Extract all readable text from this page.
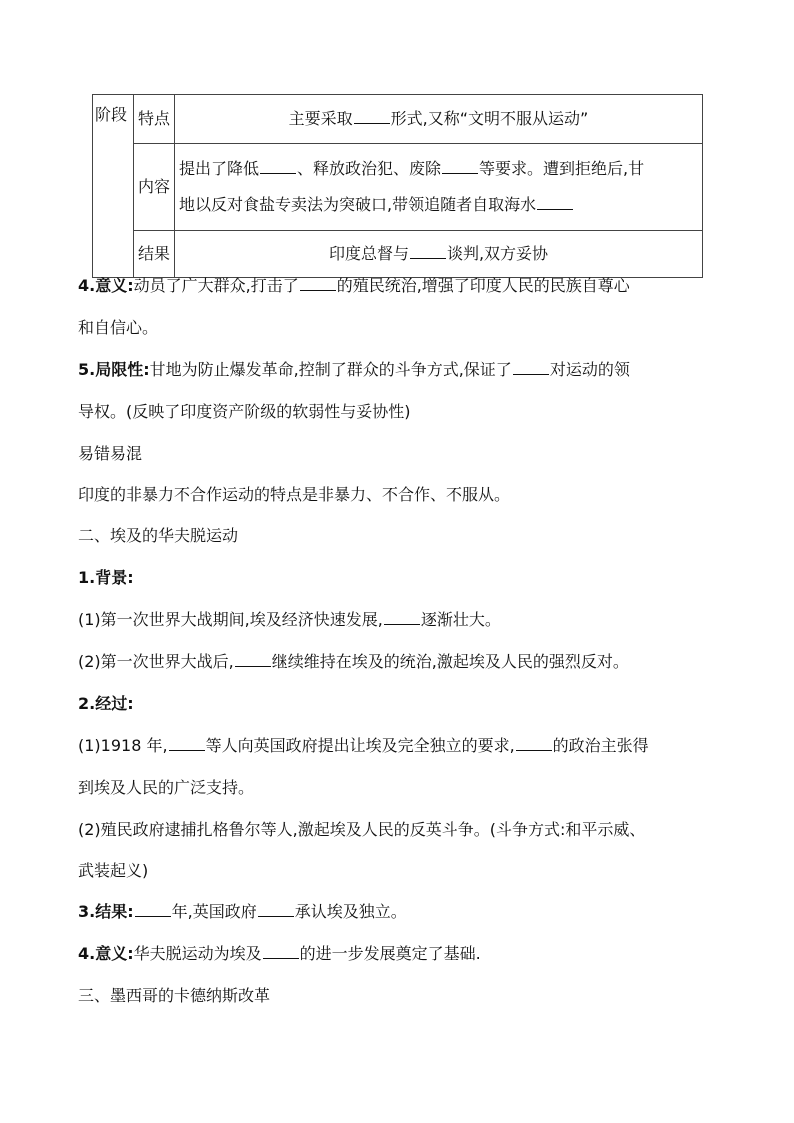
阶段	特点	主要采取 形式,又称“文明不服从运动”
	内容	提出了降低 、释放政治犯、废除 等要求。遭到拒绝后,甘
地以反对食盐专卖法为突破口,带领追随者自取海水

	结果	印度总督与 谈判,双方妥协

4.意义:动员了广大群众,打击了 的殖民统治,增强了印度人民的民族自尊心

和自信心。

5.局限性:甘地为防止爆发革命,控制了群众的斗争方式,保证了 对运动的领

导权。(反映了印度资产阶级的软弱性与妥协性)

易错易混

印度的非暴力不合作运动的特点是非暴力、不合作、不服从。

二、埃及的华夫脱运动

1.背景:

(1)第一次世界大战期间,埃及经济快速发展, 逐渐壮大。

(2)第一次世界大战后, 继续维持在埃及的统治,激起埃及人民的强烈反对。

2.经过:

(1)1918 年, 等人向英国政府提出让埃及完全独立的要求, 的政治主张得

到埃及人民的广泛支持。

(2)殖民政府逮捕扎格鲁尔等人,激起埃及人民的反英斗争。(斗争方式:和平示威、

武装起义)

3.结果: 年,英国政府 承认埃及独立。

4.意义:华夫脱运动为埃及 的进一步发展奠定了基础.

三、墨西哥的卡德纳斯改革
